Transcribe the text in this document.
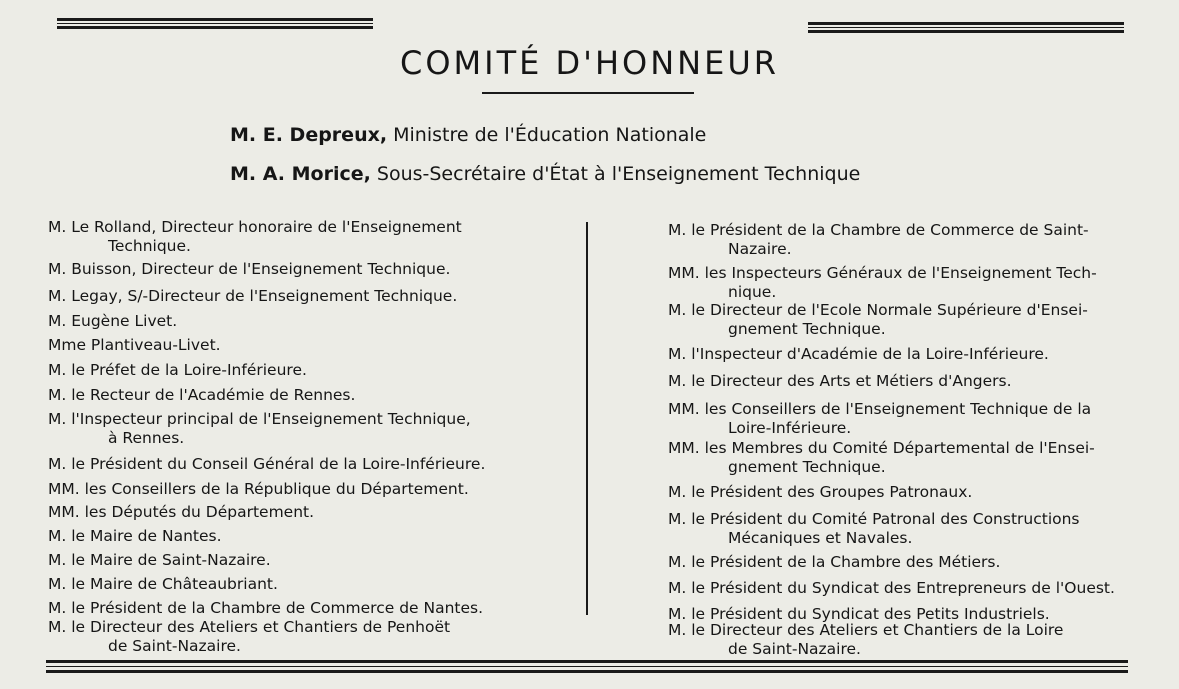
COMITÉ D'HONNEUR
M. E. Depreux, Ministre de l'Éducation Nationale
M. A. Morice, Sous-Secrétaire d'État à l'Enseignement Technique
M. Le Rolland, Directeur honoraire de l'Enseignement
Technique.
M. Buisson, Directeur de l'Enseignement Technique.
M. Legay, S/-Directeur de l'Enseignement Technique.
M. Eugène Livet.
Mme Plantiveau-Livet.
M. le Préfet de la Loire-Inférieure.
M. le Recteur de l'Académie de Rennes.
M. l'Inspecteur principal de l'Enseignement Technique,
à Rennes.
M. le Président du Conseil Général de la Loire-Inférieure.
MM. les Conseillers de la République du Département.
MM. les Députés du Département.
M. le Maire de Nantes.
M. le Maire de Saint-Nazaire.
M. le Maire de Châteaubriant.
M. le Président de la Chambre de Commerce de Nantes.
M. le Directeur des Ateliers et Chantiers de Penhoët
de Saint-Nazaire.
M. le Président de la Chambre de Commerce de Saint-
Nazaire.
MM. les Inspecteurs Généraux de l'Enseignement Tech-
nique.
M. le Directeur de l'Ecole Normale Supérieure d'Ensei-
gnement Technique.
M. l'Inspecteur d'Académie de la Loire-Inférieure.
M. le Directeur des Arts et Métiers d'Angers.
MM. les Conseillers de l'Enseignement Technique de la
Loire-Inférieure.
MM. les Membres du Comité Départemental de l'Ensei-
gnement Technique.
M. le Président des Groupes Patronaux.
M. le Président du Comité Patronal des Constructions
Mécaniques et Navales.
M. le Président de la Chambre des Métiers.
M. le Président du Syndicat des Entrepreneurs de l'Ouest.
M. le Président du Syndicat des Petits Industriels.
M. le Directeur des Ateliers et Chantiers de la Loire
de Saint-Nazaire.
